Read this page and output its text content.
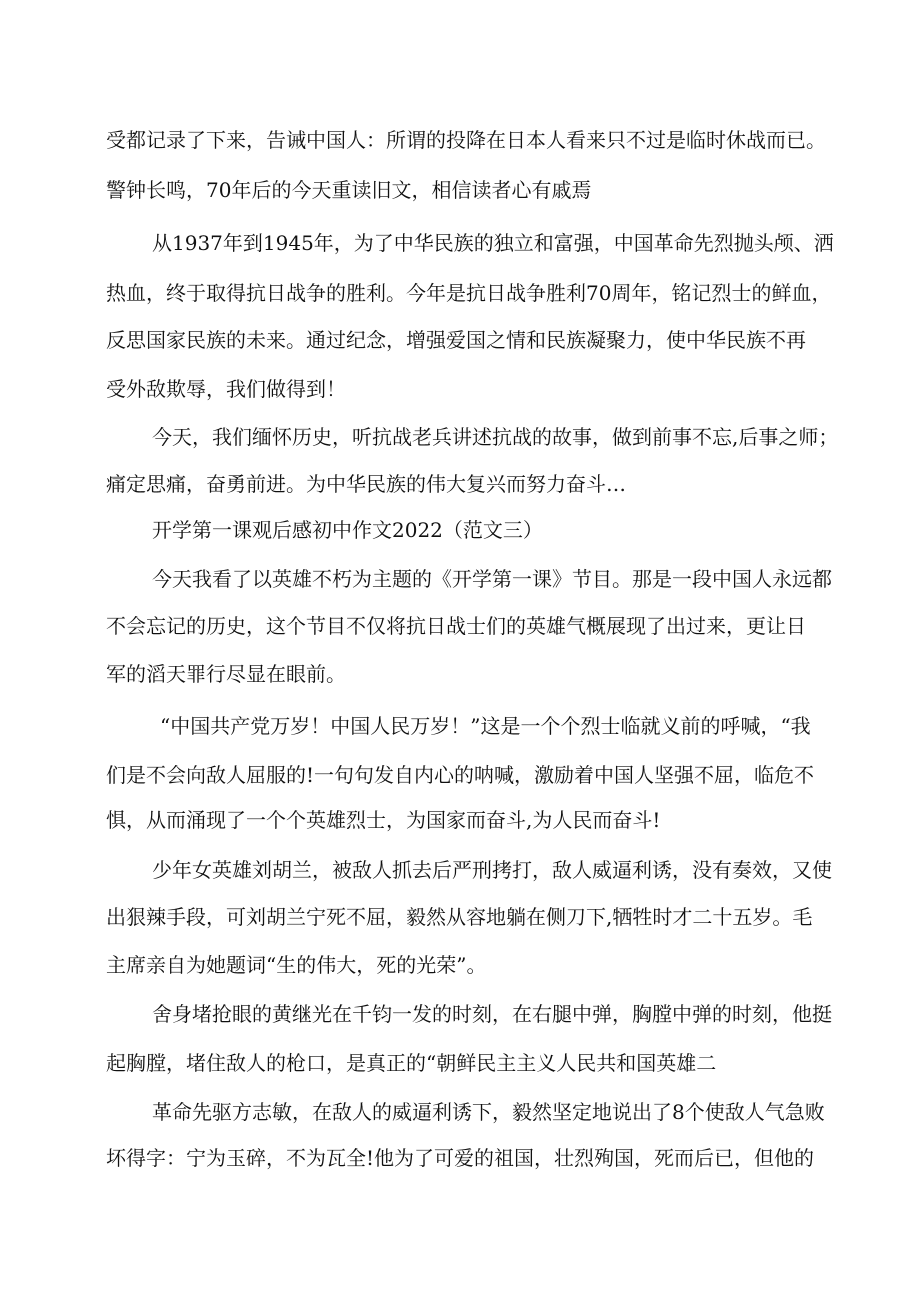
受都记录了下来，告诫中国人：所谓的投降在日本人看来只不过是临时休战而已。
警钟长鸣，70年后的今天重读旧文，相信读者心有戚焉
从1937年到1945年，为了中华民族的独立和富强，中国革命先烈抛头颅、洒
热血，终于取得抗日战争的胜利。今年是抗日战争胜利70周年，铭记烈士的鲜血，
反思国家民族的未来。通过纪念，增强爱国之情和民族凝聚力，使中华民族不再
受外敌欺辱，我们做得到！
今天，我们缅怀历史，听抗战老兵讲述抗战的故事，做到前事不忘,后事之师；
痛定思痛，奋勇前进。为中华民族的伟大复兴而努力奋斗…
开学第一课观后感初中作文2022（范文三）
今天我看了以英雄不朽为主题的《开学第一课》节目。那是一段中国人永远都
不会忘记的历史，这个节目不仅将抗日战士们的英雄气概展现了出过来，更让日
军的滔天罪行尽显在眼前。
“中国共产党万岁！中国人民万岁！”这是一个个烈士临就义前的呼喊，“我
们是不会向敌人屈服的!一句句发自内心的呐喊，激励着中国人坚强不屈，临危不
惧，从而涌现了一个个英雄烈士，为国家而奋斗,为人民而奋斗!
少年女英雄刘胡兰，被敌人抓去后严刑拷打，敌人威逼利诱，没有奏效，又使
出狠辣手段，可刘胡兰宁死不屈，毅然从容地躺在侧刀下,牺牲时才二十五岁。毛
主席亲自为她题词“生的伟大，死的光荣”。
舍身堵抢眼的黄继光在千钧一发的时刻，在右腿中弹，胸膛中弹的时刻，他挺
起胸膛，堵住敌人的枪口，是真正的“朝鲜民主主义人民共和国英雄二
革命先驱方志敏，在敌人的威逼利诱下，毅然坚定地说出了8个使敌人气急败
坏得字：宁为玉碎，不为瓦全!他为了可爱的祖国，壮烈殉国，死而后已，但他的
